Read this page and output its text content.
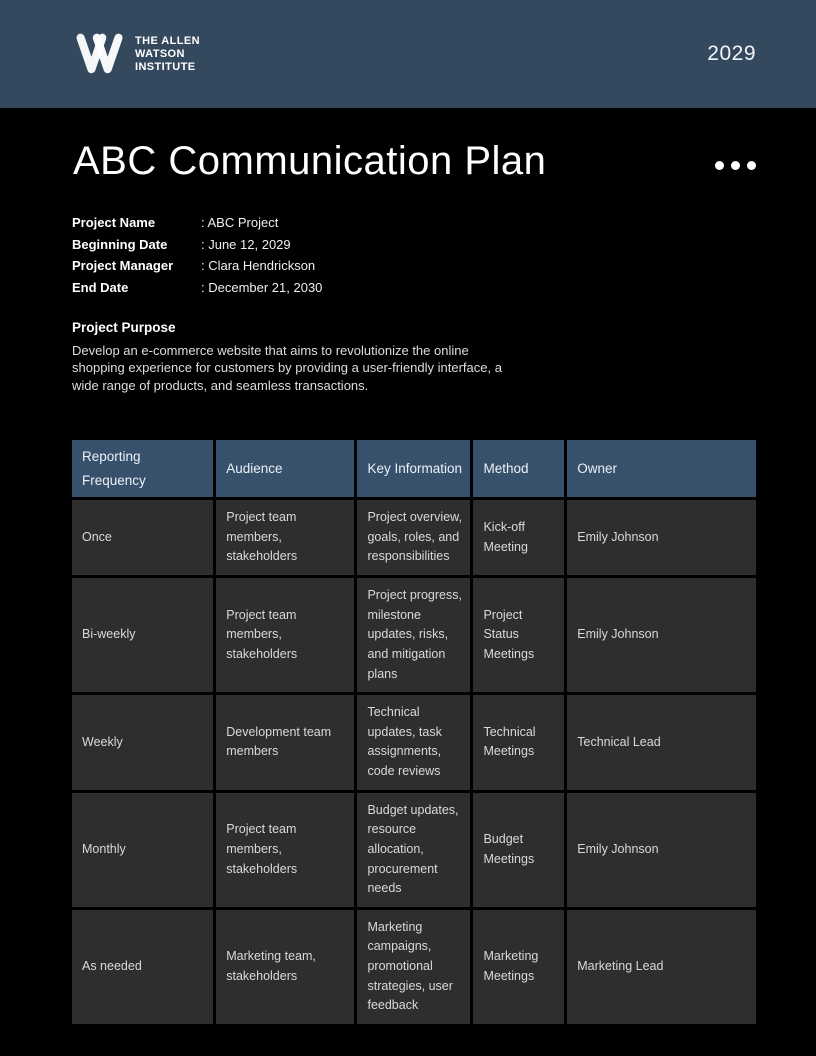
THE ALLEN
WATSON
INSTITUTE
2029
ABC Communication Plan
Project Name	: ABC Project
Beginning Date	: June 12, 2029
Project Manager	: Clara Hendrickson
End Date	: December 21, 2030
Project Purpose

Develop an e-commerce website that aims to revolutionize the online shopping experience for customers by providing a user-friendly interface, a wide range of products, and seamless transactions.

Reporting Frequency	Audience	Key Information	Method	Owner
Once	Project team members, stakeholders	Project overview, goals, roles, and responsibilities	Kick-off Meeting	Emily Johnson
Bi-weekly	Project team members, stakeholders	Project progress, milestone updates, risks, and mitigation plans	Project Status Meetings	Emily Johnson
Weekly	Development team members	Technical updates, task assignments, code reviews	Technical Meetings	Technical Lead
Monthly	Project team members, stakeholders	Budget updates, resource allocation, procurement needs	Budget Meetings	Emily Johnson
As needed	Marketing team, stakeholders	Marketing campaigns, promotional strategies, user feedback	Marketing Meetings	Marketing Lead
